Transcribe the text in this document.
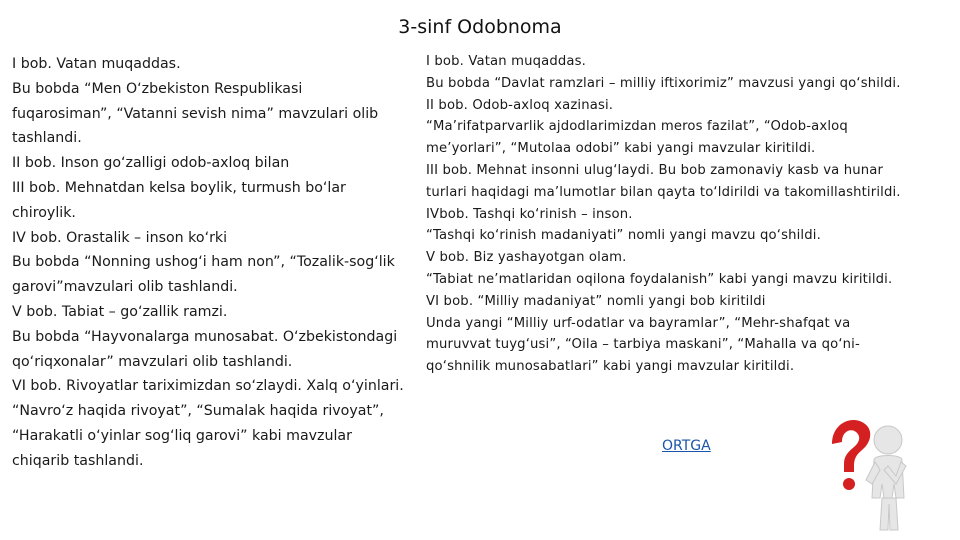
3-sinf Odobnoma
I bob. Vatan muqaddas.
Bu bobda “Men O‘zbekiston Respublikasi
fuqarosiman”, “Vatanni sevish nima” mavzulari olib
tashlandi.
II bob. Inson go‘zalligi odob-axloq bilan
III bob. Mehnatdan kelsa boylik, turmush bo‘lar
chiroylik.
IV bob. Orastalik – inson ko‘rki
Bu bobda “Nonning ushog‘i ham non”, “Tozalik-sog‘lik
garovi”mavzulari olib tashlandi.
V bob. Tabiat – go‘zallik ramzi.
Bu bobda “Hayvonalarga munosabat. O‘zbekistondagi
qo‘riqxonalar” mavzulari olib tashlandi.
VI bob. Rivoyatlar tariximizdan so‘zlaydi. Xalq o‘yinlari.
“Navro‘z haqida rivoyat”, “Sumalak haqida rivoyat”,
“Harakatli o‘yinlar sog‘liq garovi” kabi mavzular
chiqarib tashlandi.
I bob. Vatan muqaddas.
Bu bobda “Davlat ramzlari – milliy iftixorimiz” mavzusi yangi qo‘shildi.
II bob. Odob-axloq xazinasi.
“Ma’rifatparvarlik ajdodlarimizdan meros fazilat”, “Odob-axloq
me’yorlari”, “Mutolaa odobi” kabi yangi mavzular kiritildi.
III bob. Mehnat insonni ulug‘laydi. Bu bob zamonaviy kasb va hunar
turlari haqidagi ma’lumotlar bilan qayta to‘ldirildi va takomillashtirildi.
IVbob. Tashqi ko‘rinish – inson.
“Tashqi ko‘rinish madaniyati” nomli yangi mavzu qo‘shildi.
V bob. Biz yashayotgan olam.
“Tabiat ne’matlaridan oqilona foydalanish” kabi yangi mavzu kiritildi.
VI bob. “Milliy madaniyat” nomli yangi bob kiritildi
Unda yangi “Milliy urf-odatlar va bayramlar”, “Mehr-shafqat va
muruvvat tuyg‘usi”, “Oila – tarbiya maskani”, “Mahalla va qo‘ni-
qo‘shnilik munosabatlari” kabi yangi mavzular kiritildi.
ORTGA
